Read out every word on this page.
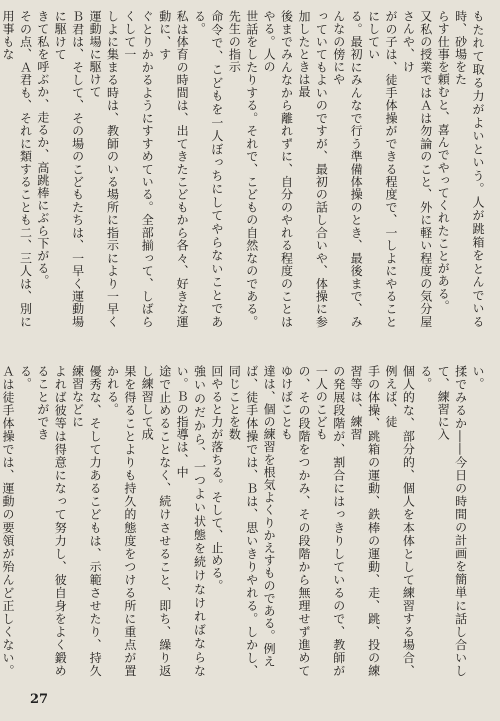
もたれて取る力がよいという。人が跳箱をとんでいる時、砂場をた

らす仕事を頼むと、喜んでやってくれたことがある。

又私の授業ではＡは勿論のこと、外に軽い程度の気分屋さんや、け

がの子は、徒手体操ができる程度で、一しよにやることにしてい

る。最初にみんなで行う準備体操のとき、最後まで、みんなの傍にや

っていてもよいのですが、最初の話し合いや、体操に参加したときは最

後までみんなから離れずに、自分のやれる程度のことはやる。人の

世話をしたりする。それで、こどもの自然なのである。先生の指示

命令で、こどもを一人ぼっちにしてやらないことである。

私は体育の時間は、出てきたこどもから各々、好きな運動に、す

ぐとりかかるようにすすめている。全部揃って、しばらくして一

しよに集まる時は、教師のいる場所に指示により一早く運動場に駆けて

Ｂ君は、そして、その場のこどもたちは、一早く運動場に駆けて

きて私を呼ぶか、走るか、高跳棒にぶら下がる。

その点、Ａ君も、それに類することも二、三人は、別に用事もな

い。

揉でみるか――今日の時間の計画を簡単に話し合いして、練習に入

る。

個人的な、部分的、個人を本体として練習する場合、例えば、徒

手の体操、跳箱の運動、鉄棒の運動、走、跳、投の練習等は、練習

の発展段階が、割合にはっきりしているので、教師が一人のこども

の、その段階をつかみ、その段階から無理せず進めてゆけばことも

達は、個の練習を根気よくりかえすものである。例え

ば、徒手体操では、Ｂは、思いきりやれる。しかし、同じことを数

回やると力が落ちる。そして、止める。

強いのだから、一つよい状態を続けなければならない。Ｂの指導は、中

途で止めることなく、続けさせること、即ち、繰り返し練習して成

果を得ることよりも持久的態度をつける所に重点が置かれる。

優秀な、そして力あるこどもは、示範させたり、持久練習などに

よれば彼等は得意になって努力し、彼自身をよく鍛めることができ

る。

Ａは徒手体操では、運動の要領が殆んど正しくない。

27
